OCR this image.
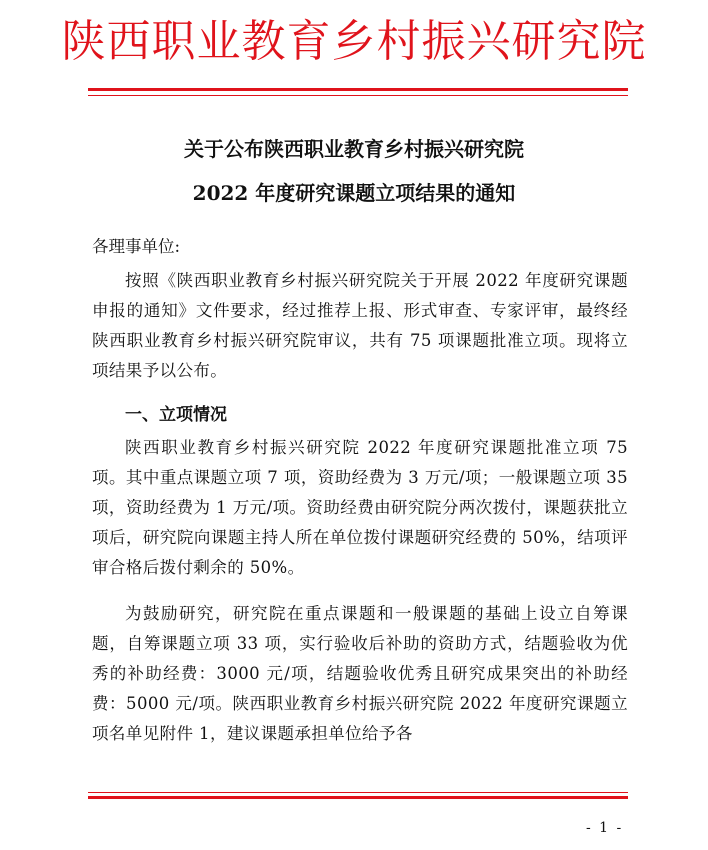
陕西职业教育乡村振兴研究院
关于公布陕西职业教育乡村振兴研究院
2022 年度研究课题立项结果的通知
各理事单位:
按照《陕西职业教育乡村振兴研究院关于开展 2022 年度研究课题申报的通知》文件要求，经过推荐上报、形式审查、专家评审，最终经陕西职业教育乡村振兴研究院审议，共有 75 项课题批准立项。现将立项结果予以公布。
一、立项情况
陕西职业教育乡村振兴研究院 2022 年度研究课题批准立项 75 项。其中重点课题立项 7 项，资助经费为 3 万元/项；一般课题立项 35 项，资助经费为 1 万元/项。资助经费由研究院分两次拨付，课题获批立项后，研究院向课题主持人所在单位拨付课题研究经费的 50%，结项评审合格后拨付剩余的 50%。
为鼓励研究，研究院在重点课题和一般课题的基础上设立自筹课题，自筹课题立项 33 项，实行验收后补助的资助方式，结题验收为优秀的补助经费：3000 元/项，结题验收优秀且研究成果突出的补助经费：5000 元/项。陕西职业教育乡村振兴研究院 2022 年度研究课题立项名单见附件 1，建议课题承担单位给予各
- 1 -
